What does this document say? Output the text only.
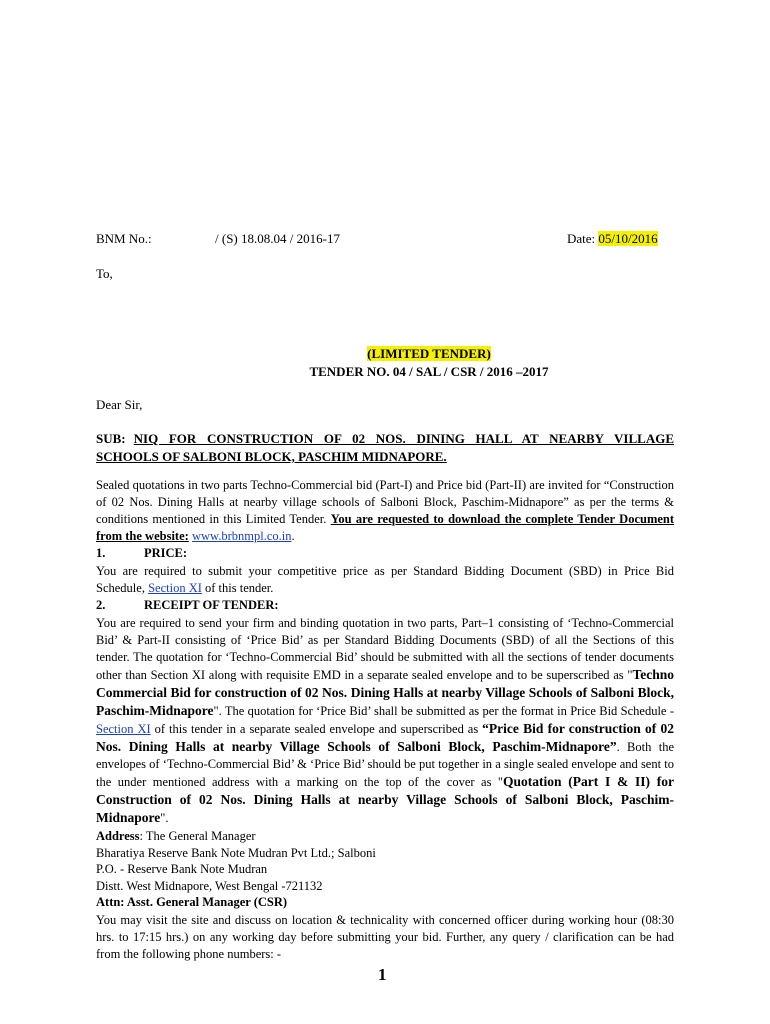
BNM No.:	/ (S) 18.08.04 / 2016-17	Date: 05/10/2016
To,
(LIMITED TENDER)
TENDER NO. 04 / SAL / CSR / 2016 –2017
Dear Sir,
SUB: NIQ FOR CONSTRUCTION OF 02 NOS. DINING HALL AT NEARBY VILLAGE
SCHOOLS OF SALBONI BLOCK, PASCHIM MIDNAPORE.
Sealed quotations in two parts Techno-Commercial bid (Part-I) and Price bid (Part-II) are invited for “Construction of 02 Nos. Dining Halls at nearby village schools of Salboni Block, Paschim-Midnapore” as per the terms & conditions mentioned in this Limited Tender. You are requested to download the complete Tender Document from the website: www.brbnmpl.co.in.
1.	PRICE:
You are required to submit your competitive price as per Standard Bidding Document (SBD) in Price Bid Schedule, Section XI of this tender.
2.	RECEIPT OF TENDER:
You are required to send your firm and binding quotation in two parts, Part–1 consisting of ‘Techno-Commercial Bid’ & Part-II consisting of ‘Price Bid’ as per Standard Bidding Documents (SBD) of all the Sections of this tender. The quotation for ‘Techno-Commercial Bid’ should be submitted with all the sections of tender documents other than Section XI along with requisite EMD in a separate sealed envelope and to be superscribed as "Techno Commercial Bid for construction of 02 Nos. Dining Halls at nearby Village Schools of Salboni Block, Paschim-Midnapore". The quotation for ‘Price Bid’ shall be submitted as per the format in Price Bid Schedule - Section XI of this tender in a separate sealed envelope and superscribed as “Price Bid for construction of 02 Nos. Dining Halls at nearby Village Schools of Salboni Block, Paschim-Midnapore”. Both the envelopes of ‘Techno-Commercial Bid’ & ‘Price Bid’ should be put together in a single sealed envelope and sent to the under mentioned address with a marking on the top of the cover as "Quotation (Part I & II) for Construction of 02 Nos. Dining Halls at nearby Village Schools of Salboni Block, Paschim-Midnapore".
Address: The General Manager
Bharatiya Reserve Bank Note Mudran Pvt Ltd.; Salboni
P.O. - Reserve Bank Note Mudran
Distt. West Midnapore, West Bengal -721132
Attn: Asst. General Manager (CSR)
You may visit the site and discuss on location & technicality with concerned officer during working hour (08:30 hrs. to 17:15 hrs.) on any working day before submitting your bid. Further, any query / clarification can be had from the following phone numbers: -
1
